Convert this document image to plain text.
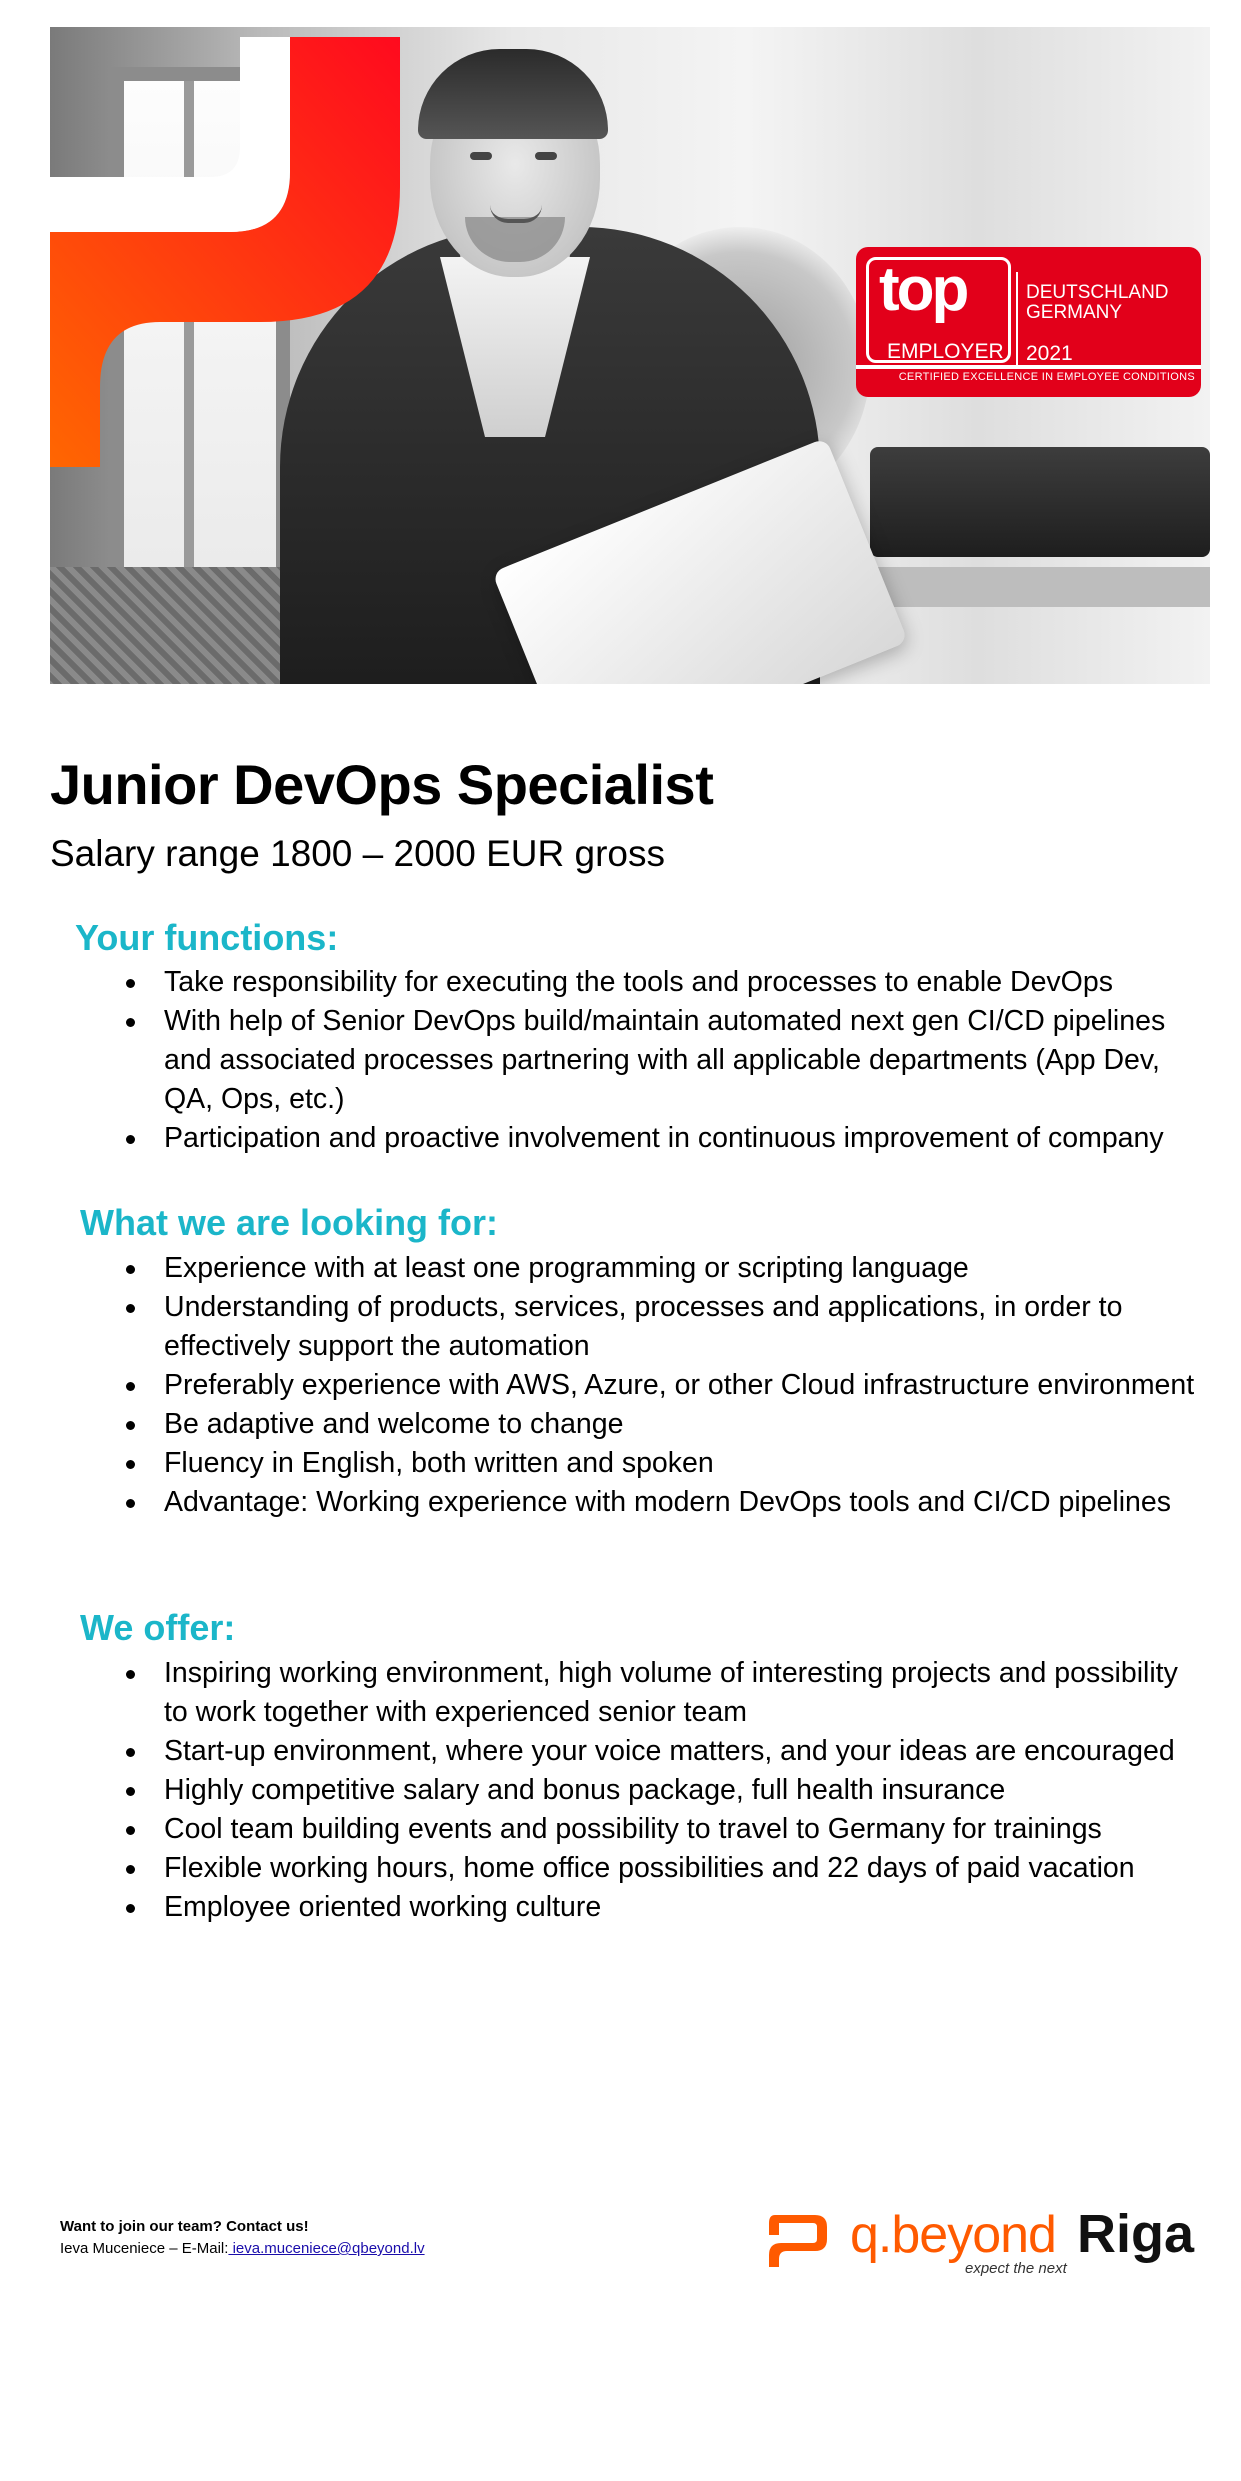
top
EMPLOYER
DEUTSCHLAND
GERMANY
2021
CERTIFIED EXCELLENCE IN EMPLOYEE CONDITIONS
Junior DevOps Specialist

Salary range 1800 – 2000 EUR gross

Your functions:
Take responsibility for executing the tools and processes to enable DevOps
With help of Senior DevOps build/maintain automated next gen CI/CD pipelines and associated processes partnering with all applicable departments (App Dev, QA, Ops, etc.)
Participation and proactive involvement in continuous improvement of company
What we are looking for:
Experience with at least one programming or scripting language
Understanding of products, services, processes and applications, in order to effectively support the automation
Preferably experience with AWS, Azure, or other Cloud infrastructure environment
Be adaptive and welcome to change
Fluency in English, both written and spoken
Advantage: Working experience with modern DevOps tools and CI/CD pipelines
We offer:
Inspiring working environment, high volume of interesting projects and possibility to work together with experienced senior team
Start-up environment, where your voice matters, and your ideas are encouraged
Highly competitive salary and bonus package, full health insurance
Cool team building events and possibility to travel to Germany for trainings
Flexible working hours, home office possibilities and 22 days of paid vacation
Employee oriented working culture
Want to join our team? Contact us!
Ieva Muceniece – E-Mail: ieva.muceniece@qbeyond.lv	q.beyond Riga
expect the next
